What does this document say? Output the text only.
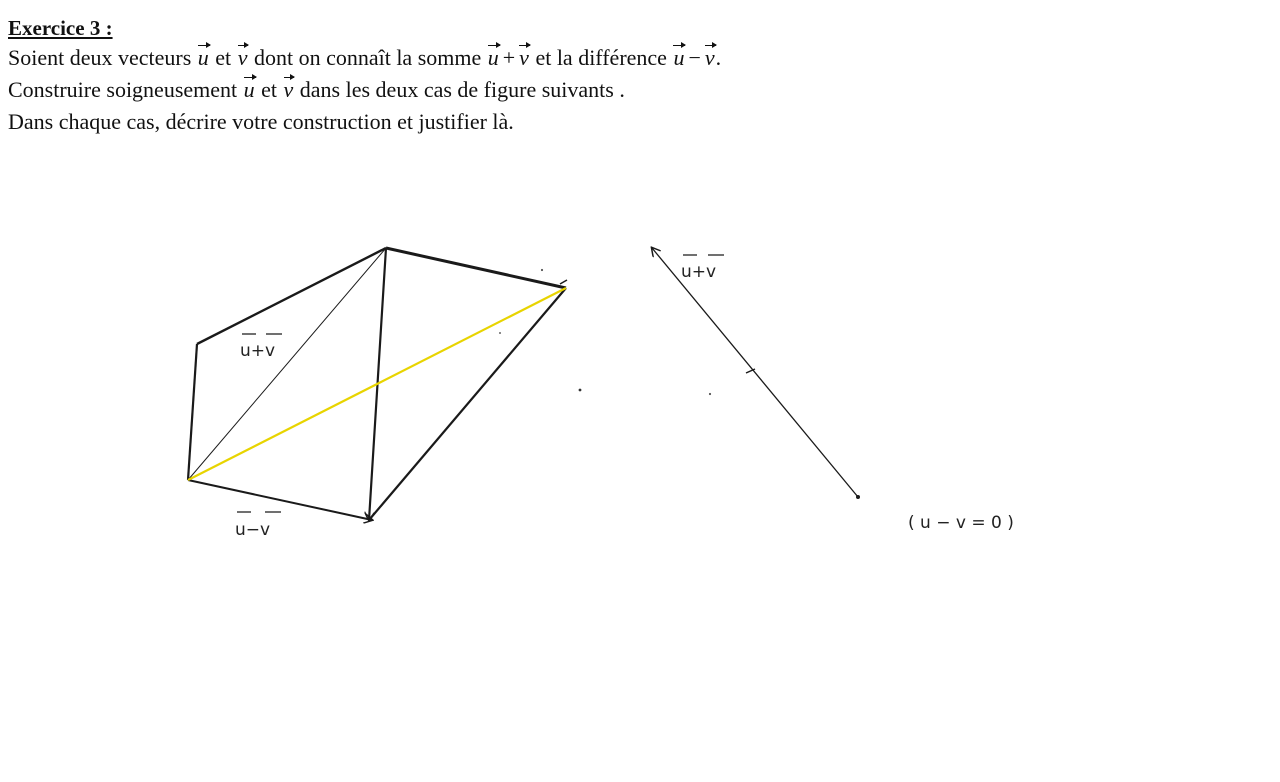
Exercice 3 :
Soient deux vecteurs u et v dont on connaît la somme u + v et la différence u − v.
Construire soigneusement u et v dans les deux cas de figure suivants .
Dans chaque cas, décrire votre construction et justifier là.
u+v
u−v
u+v
( u − v = 0 )
